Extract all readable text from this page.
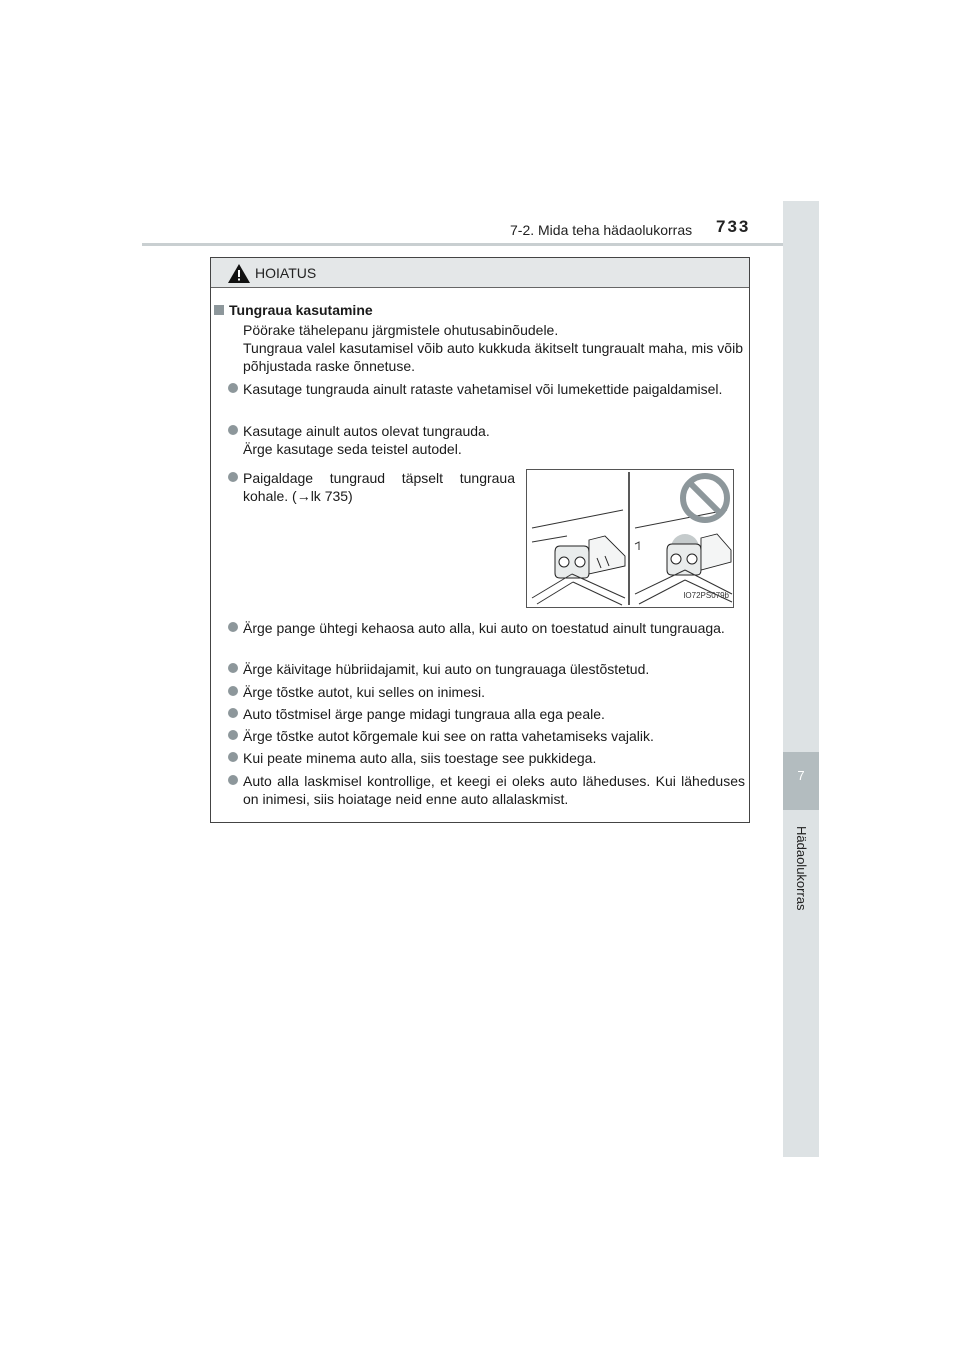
7-2. Mida teha hädaolukorras 733
7
Hädaolukorras
HOIATUS
Tungraua kasutamine
Pöörake tähelepanu järgmistele ohutusabinõudele.
Tungraua valel kasutamisel võib auto kukkuda äkitselt tungraualt maha, mis võib põhjustada raske õnnetuse.
Kasutage tungrauda ainult rataste vahetamisel või lumekettide paigaldamisel.
Kasutage ainult autos olevat tungrauda. Ärge kasutage seda teistel autodel.
Paigaldage tungraud täpselt tungraua kohale. (→lk 735)
IO72PS079b
Ärge pange ühtegi kehaosa auto alla, kui auto on toestatud ainult tungrauaga.
Ärge käivitage hübriidajamit, kui auto on tungrauaga ülestõstetud.
Ärge tõstke autot, kui selles on inimesi.
Auto tõstmisel ärge pange midagi tungraua alla ega peale.
Ärge tõstke autot kõrgemale kui see on ratta vahetamiseks vajalik.
Kui peate minema auto alla, siis toestage see pukkidega.
Auto alla laskmisel kontrollige, et keegi ei oleks auto läheduses. Kui läheduses on inimesi, siis hoiatage neid enne auto allalaskmist.
